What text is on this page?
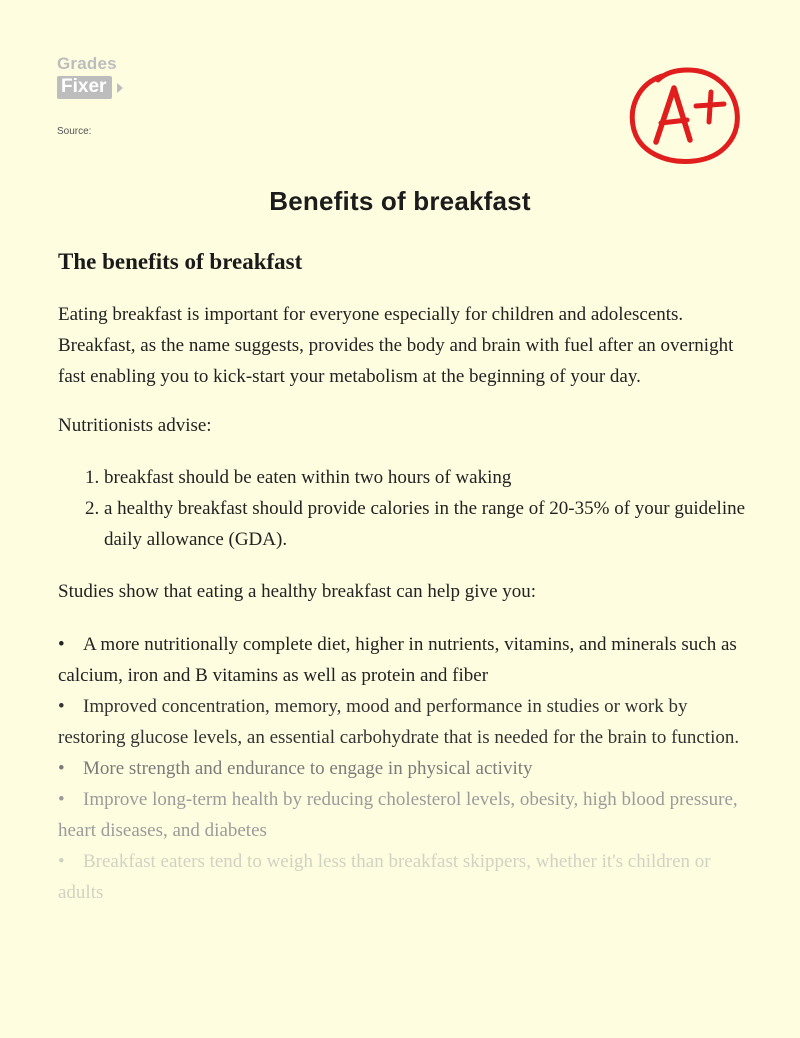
Grades
Fixer

Source:

Benefits of breakfast
The benefits of breakfast

Eating breakfast is important for everyone especially for children and adolescents. Breakfast, as the name suggests, provides the body and brain with fuel after an overnight fast enabling you to kick-start your metabolism at the beginning of your day.

Nutritionists advise:

1. breakfast should be eaten within two hours of waking
2. a healthy breakfast should provide calories in the range of 20-35% of your guideline daily allowance (GDA).

Studies show that eating a healthy breakfast can help give you:

• A more nutritionally complete diet, higher in nutrients, vitamins, and minerals such as calcium, iron and B vitamins as well as protein and fiber
• Improved concentration, memory, mood and performance in studies or work by restoring glucose levels, an essential carbohydrate that is needed for the brain to function.
• More strength and endurance to engage in physical activity
• Improve long-term health by reducing cholesterol levels, obesity, high blood pressure, heart diseases, and diabetes
• Breakfast eaters tend to weigh less than breakfast skippers, whether it's children or adults
